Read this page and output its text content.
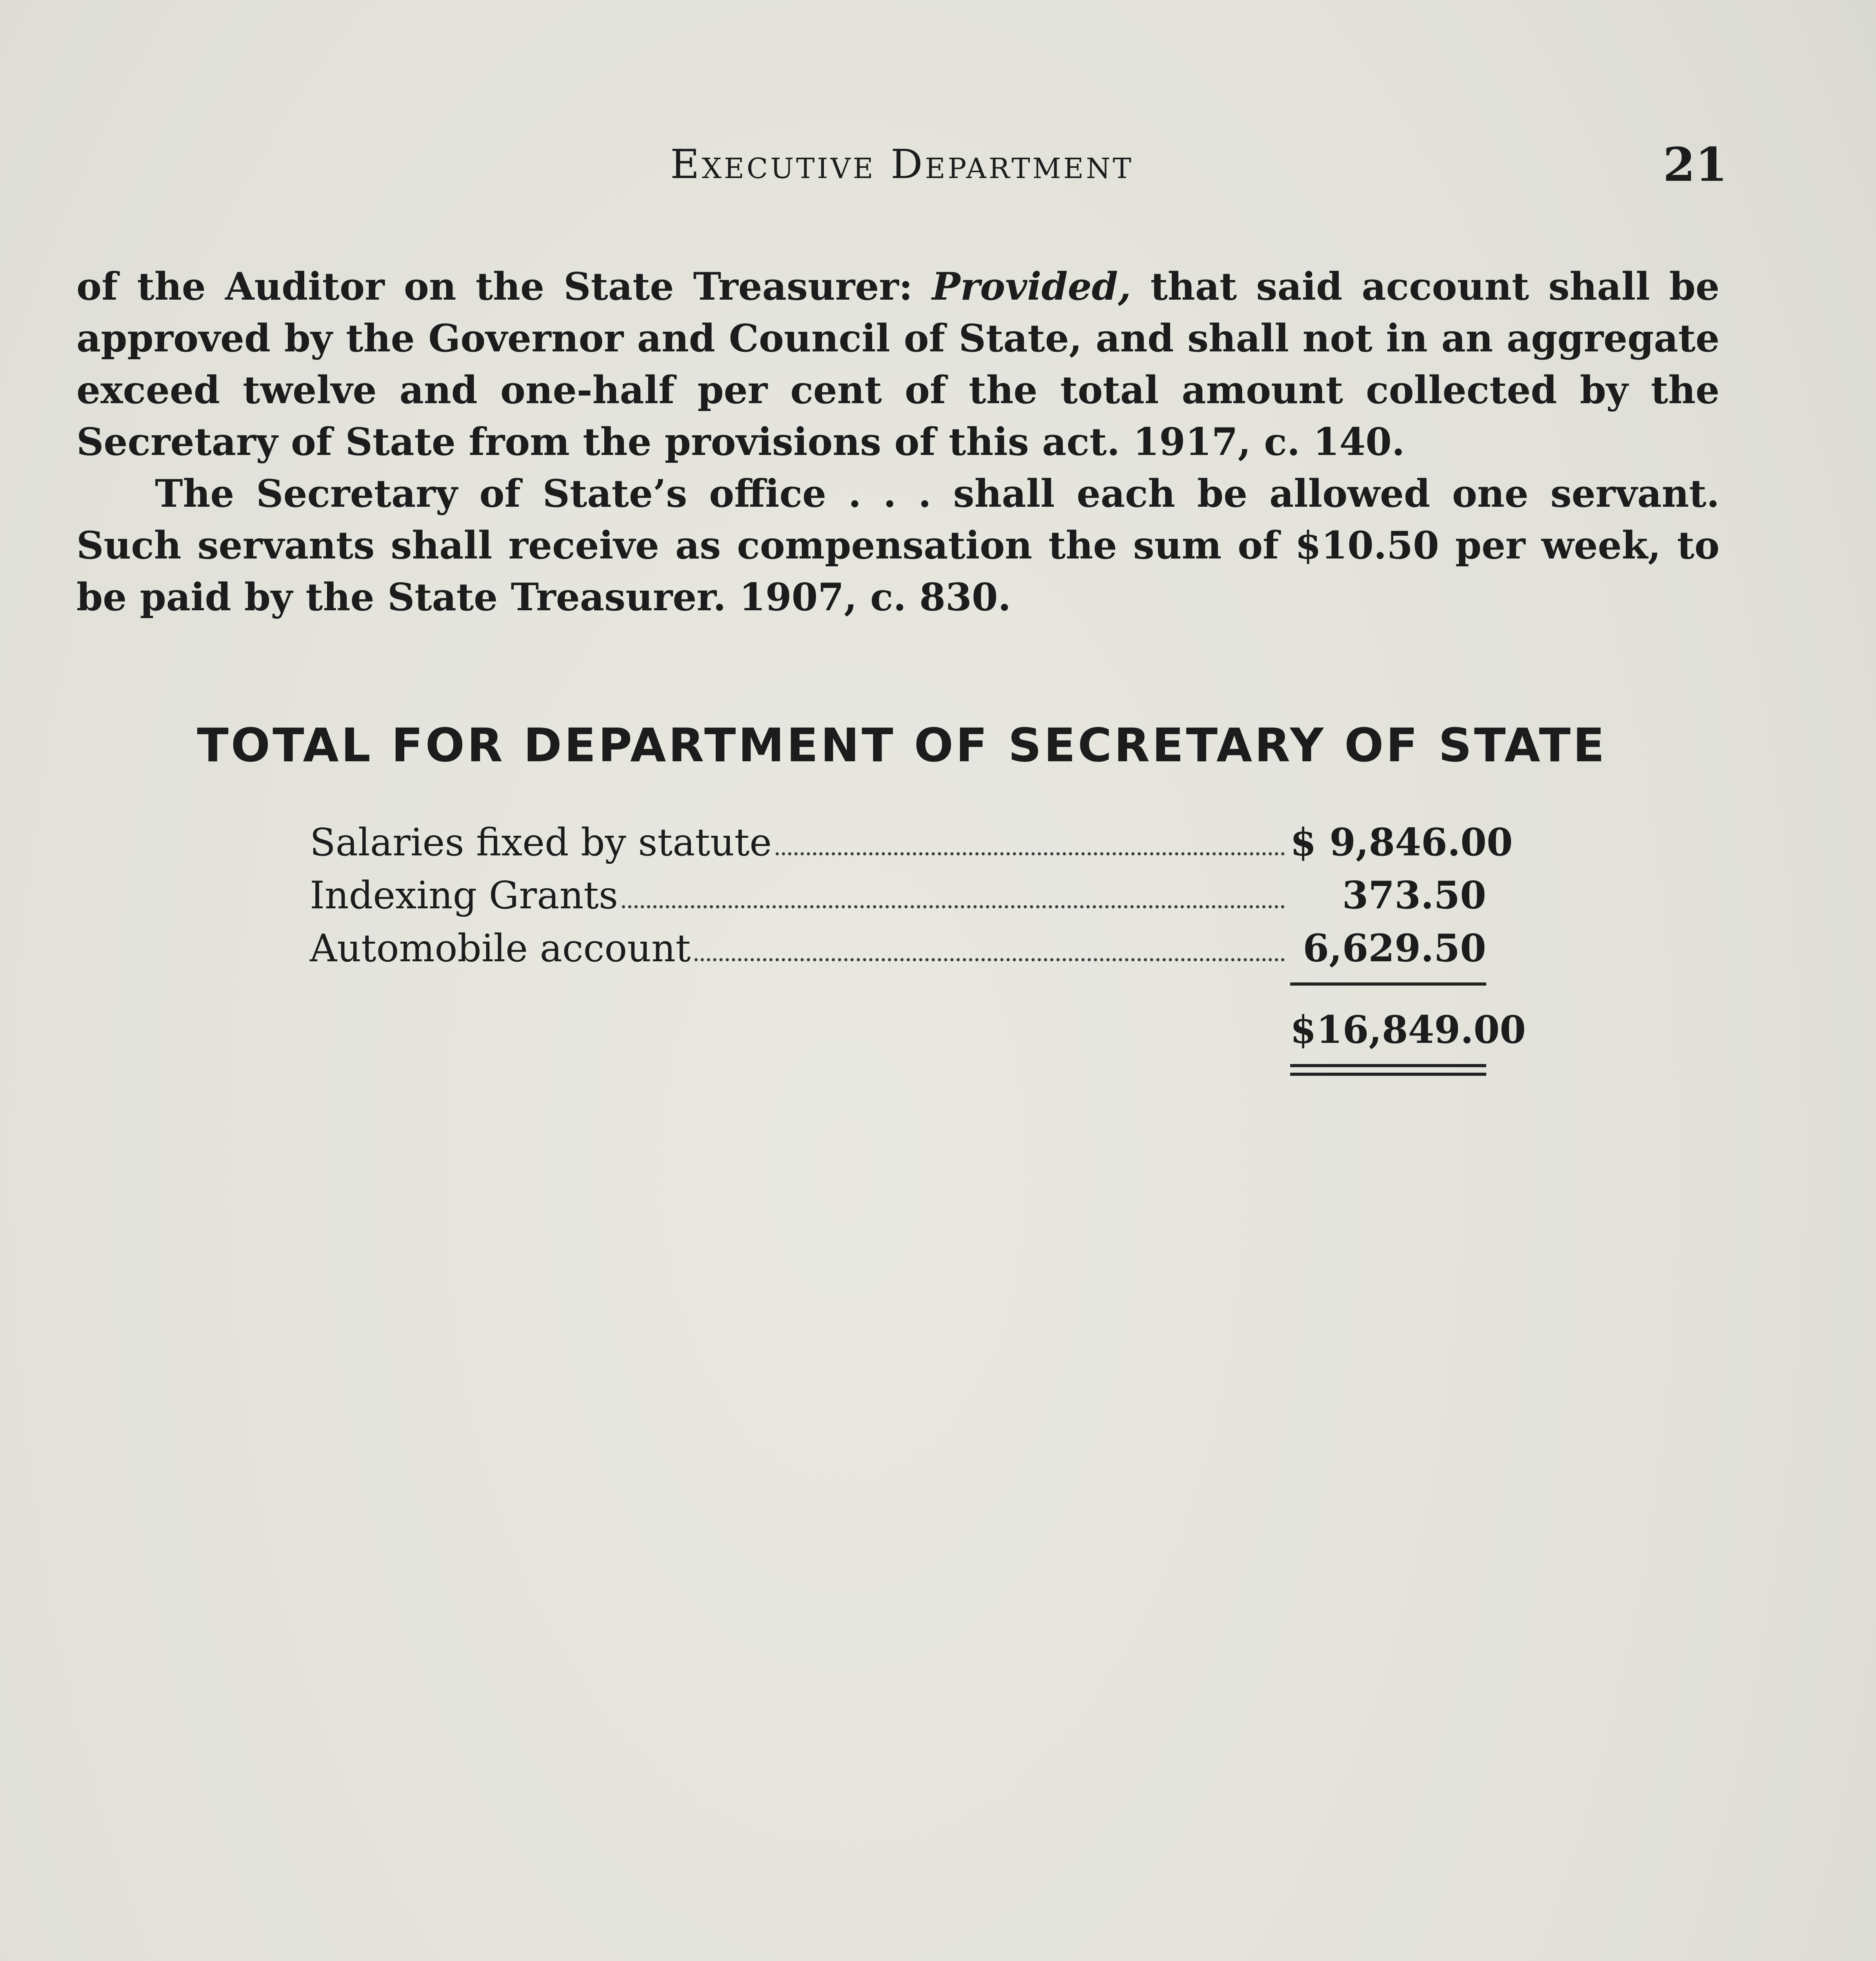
Executive Department	21

of the Auditor on the State Treasurer: Provided, that said account shall be approved by the Governor and Council of State, and shall not in an aggregate exceed twelve and one-half per cent of the total amount collected by the Secretary of State from the provisions of this act. 1917, c. 140.

The Secretary of State’s office . . . shall each be allowed one servant. Such servants shall receive as compensation the sum of $10.50 per week, to be paid by the State Treasurer. 1907, c. 830.

TOTAL FOR DEPARTMENT OF SECRETARY OF STATE
Salaries fixed by statute	$ 9,846.00
Indexing Grants	373.50
Automobile account	6,629.50
$16,849.00
